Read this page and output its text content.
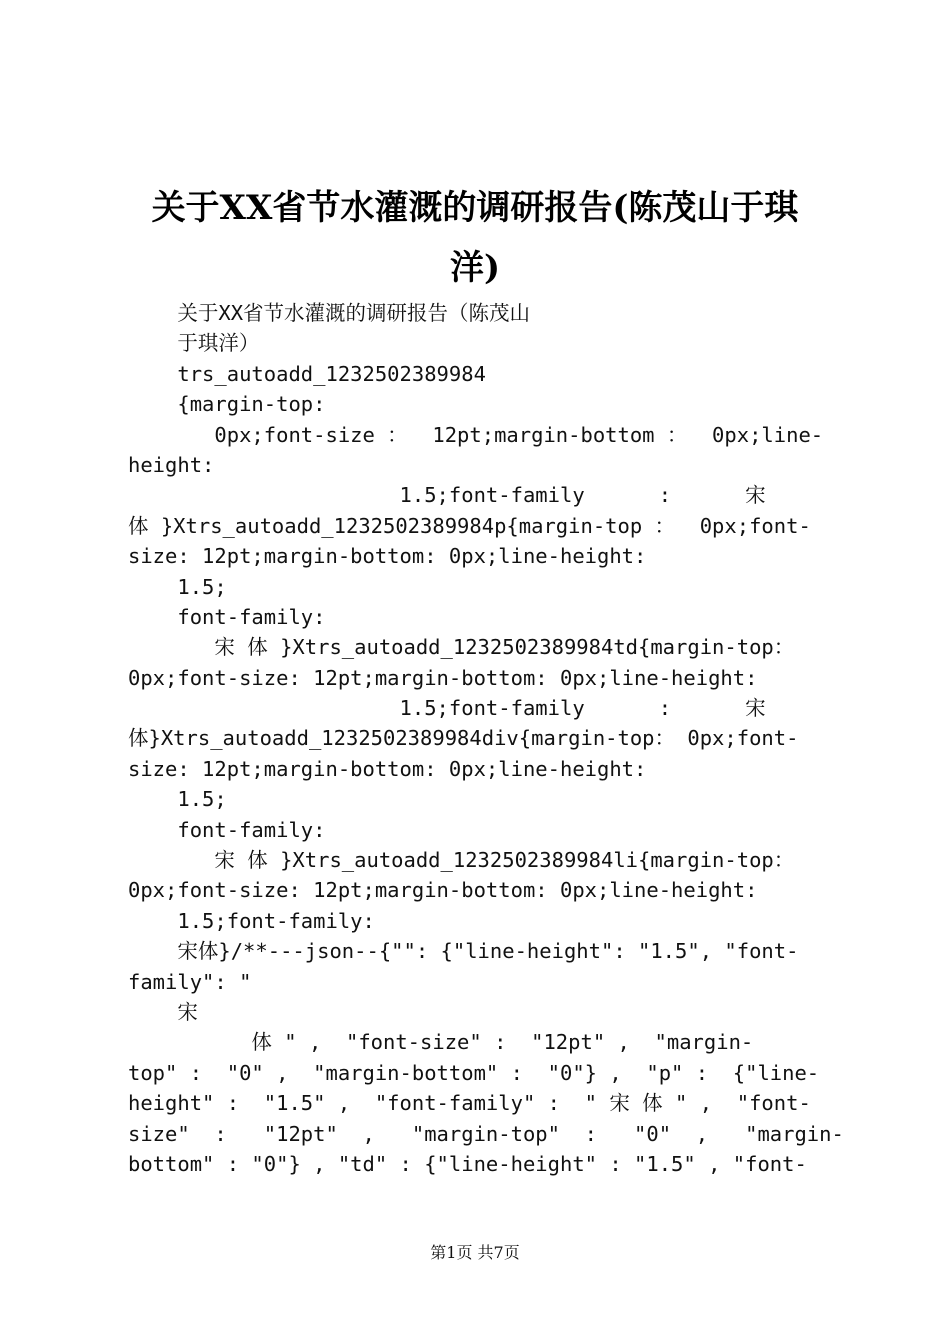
关于XX省节水灌溉的调研报告(陈茂山于琪
洋)
关于XX省节水灌溉的调研报告（陈茂山
于琪洋）
trs_autoadd_1232502389984
{margin-top:
0px;font-size ：  12pt;margin-bottom ：  0px;line-
height:
1.5;font-family      :      宋
体 }Xtrs_autoadd_1232502389984p{margin-top ：  0px;font-
size: 12pt;margin-bottom: 0px;line-height:
1.5;
font-family:
宋 体 }Xtrs_autoadd_1232502389984td{margin-top：
0px;font-size: 12pt;margin-bottom: 0px;line-height:
1.5;font-family      :      宋
体}Xtrs_autoadd_1232502389984div{margin-top： 0px;font-
size: 12pt;margin-bottom: 0px;line-height:
1.5;
font-family:
宋 体 }Xtrs_autoadd_1232502389984li{margin-top：
0px;font-size: 12pt;margin-bottom: 0px;line-height:
1.5;font-family:
宋体}/**---json--{"": {"line-height": "1.5", "font-
family": "
宋
体 " ,  "font-size" :  "12pt" ,  "margin-
top" :  "0" ,  "margin-bottom" :  "0"} ,  "p" :  {"line-
height" :  "1.5" ,  "font-family" :  " 宋 体 " ,  "font-
size"  :   "12pt"  ,   "margin-top"  :   "0"  ,   "margin-
bottom" : "0"} , "td" : {"line-height" : "1.5" , "font-
第1页 共7页
